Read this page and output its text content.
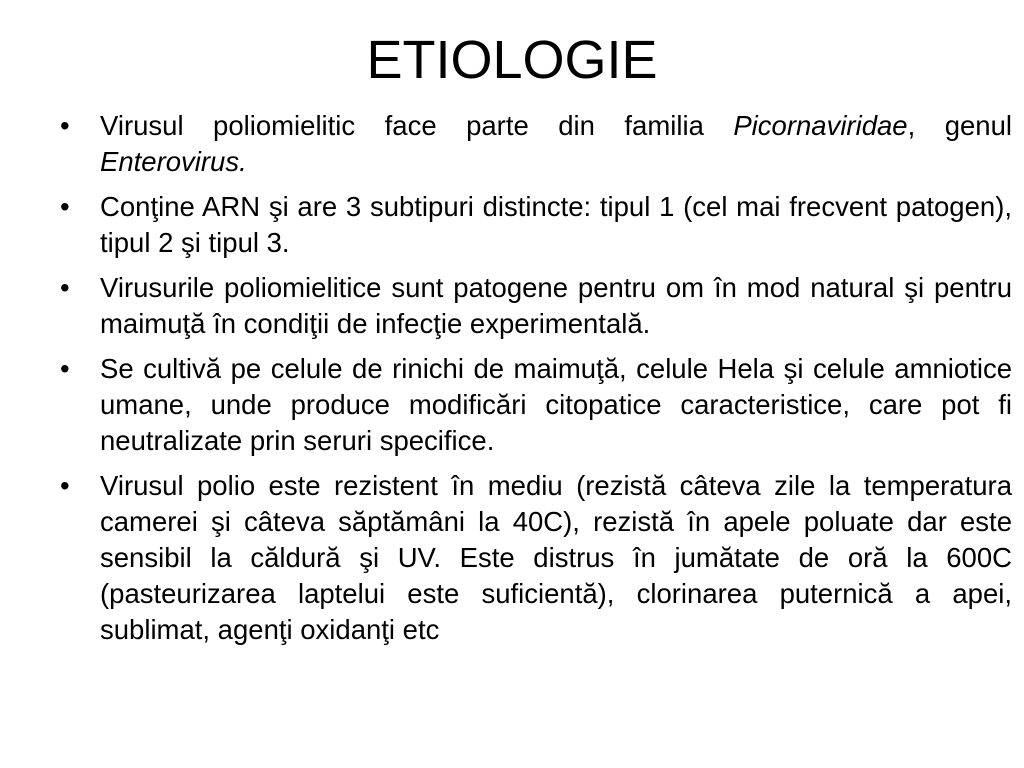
ETIOLOGIE
•	Virusul poliomielitic face parte din familia Picornaviridae, genul Enterovirus.
•	Conţine ARN şi are 3 subtipuri distincte: tipul 1 (cel mai frecvent patogen), tipul 2 şi tipul 3.
•	Virusurile poliomielitice sunt patogene pentru om în mod natural şi pentru maimuţă în condiţii de infecţie experimentală.
•	Se cultivă pe celule de rinichi de maimuţă, celule Hela şi celule amniotice umane, unde produce modificări citopatice caracteristice, care pot fi neutralizate prin seruri specifice.
•	Virusul polio este rezistent în mediu (rezistă câteva zile la temperatura camerei şi câteva săptămâni la 40C), rezistă în apele poluate dar este sensibil la căldură şi UV. Este distrus în jumătate de oră la 600C (pasteurizarea laptelui este suficientă), clorinarea puternică a apei, sublimat, agenţi oxidanţi etc
